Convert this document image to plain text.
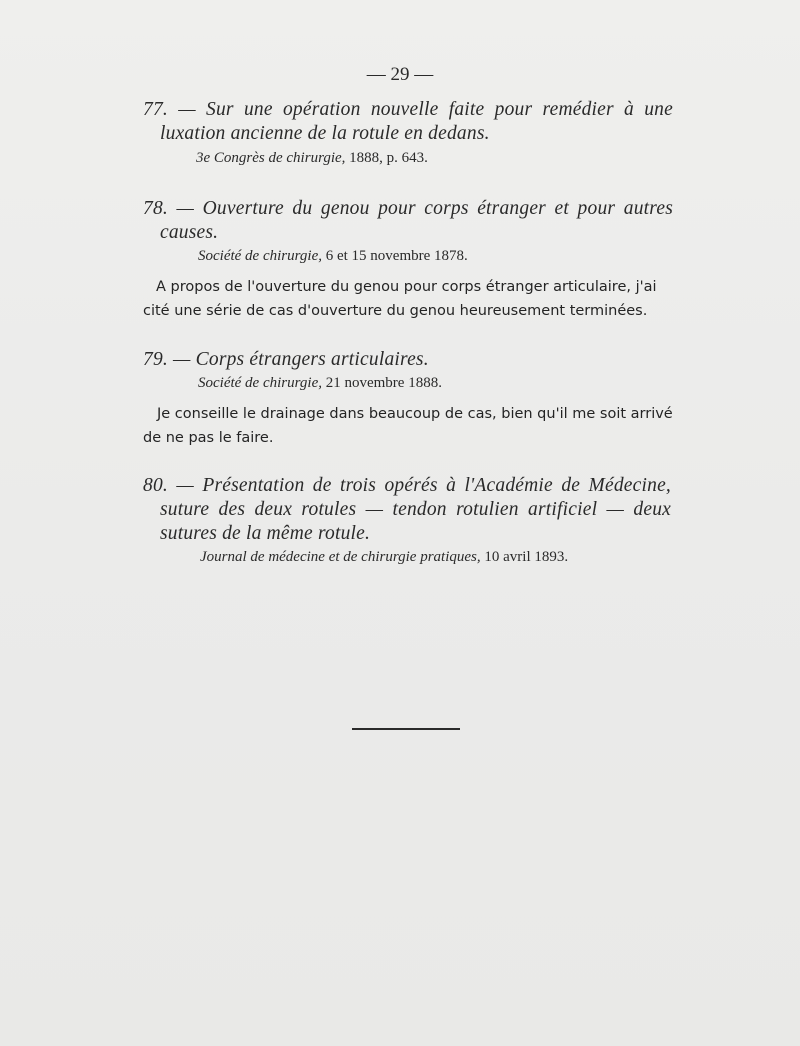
— 29 —
77. — Sur une opération nouvelle faite pour remédier à une
luxation ancienne de la rotule en dedans.
3e Congrès de chirurgie, 1888, p. 643.
78. — Ouverture du genou pour corps étranger et pour autres
causes.
Société de chirurgie, 6 et 15 novembre 1878.
A propos de l'ouverture du genou pour corps étranger articulaire, j'ai
cité une série de cas d'ouverture du genou heureusement terminées.
79. — Corps étrangers articulaires.
Société de chirurgie, 21 novembre 1888.
Je conseille le drainage dans beaucoup de cas, bien qu'il me soit arrivé
de ne pas le faire.
80. — Présentation de trois opérés à l'Académie de Médecine,
suture des deux rotules — tendon rotulien artificiel — deux
sutures de la même rotule.
Journal de médecine et de chirurgie pratiques, 10 avril 1893.
